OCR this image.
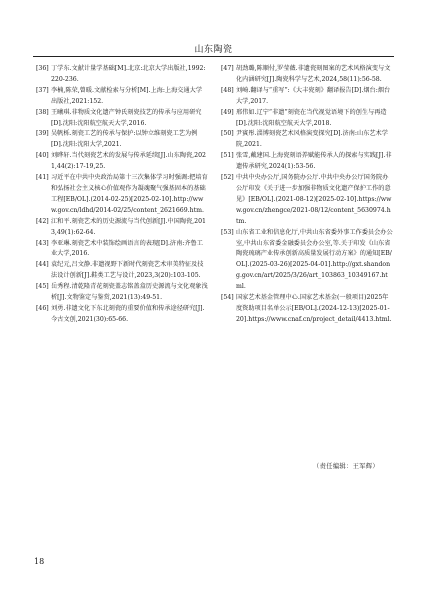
山东陶瓷
[36] 丁学东.文献计量学基础[M].北京:北京大学出版社,1992:220-236.
[37] 李楠,陈荣,曾暖.文献检索与分析[M].上海:上海交通大学出版社,2021:152.
[38] 王曦琪.非物质文化遗产钟氏刻瓷技艺的传承与应用研究[D].沈阳:沈阳航空航天大学,2016.
[39] 吴帆栎.刻瓷工艺的传承与保护:以钟立维刻瓷工艺为例[D].沈阳:沈阳大学,2021.
[40] 刘晔轩.当代刻瓷艺术的发展与传承延续[J].山东陶瓷,2021,44(2):17-19,25.
[41] 习近平在中共中央政治局第十三次集体学习时强调:把培育和弘扬社会主义核心价值观作为凝魂聚气强基固本的基础工程[EB/OL].(2014-02-25)[2025-02-10].http://www.gov.cn/ldhd/2014-02/25/content_2621669.htm.
[42] 江和平.刻瓷艺术的历史源流与当代创新[J].中国陶瓷,2013,49(1):62-64.
[43] 李亚琳.刻瓷艺术中装饰绘画语言的表现[D].济南:齐鲁工业大学,2016.
[44] 袁纪元,吕文静.非遗视野下新时代刻瓷艺术审美特征及技法设计创新[J].鞋类工艺与设计,2023,3(20):103-105.
[45] 岳秀程.清乾隆青花刻瓷盖志铭盖盒历史源流与文化观象浅析[J].文物鉴定与鉴赏,2021(13):49-51.
[46] 刘勇.非遗文化下东北刻瓷的重要价值和传承途径研究[J].今古文创,2021(30):65-66.
[47] 胡劲璐,陈顺付,罗莹薇.非遗瓷刻图案的艺术风格演变与文化内涵研究[J].陶瓷科学与艺术,2024,58(11):56-58.
[48] 刘崎.翻译与“重写”:《大丰瓷刻》翻译报告[D].烟台:烟台大学,2017.
[49] 邢伟如.辽宁“非遗”刻瓷在当代视觉语境下的创生与再造[D].沈阳:沈阳航空航天大学,2018.
[50] 尹賓彤.淄博刻瓷艺术风格演变探究[D].济南:山东艺术学院,2021.
[51] 张雪,戴建国.上海瓷刻语养赋能传承人的探索与实践[J].非遗传承研究,2024(1):53-56.
[52] 中共中央办公厅,国务院办公厅.中共中央办公厅国务院办公厅印发《关于进一步加强非物质文化遗产保护工作的意见》[EB/OL].(2021-08-12)[2025-02-10].https://www.gov.cn/zhengce/2021-08/12/content_5630974.htm.
[53] 山东省工业和信息化厅,中共山东省委外事工作委员会办公室,中共山东省委金融委员会办公室,等.关于印发《山东省陶瓷琉璃产业传承创新高质量发展行动方案》的通知[EB/OL].(2025-03-26)[2025-04-01].http://gxt.shandong.gov.cn/art/2025/3/26/art_103863_10349167.html.
[54] 国家艺术基金管理中心.国家艺术基金(一般项目)2025年度资助项目名单公示[EB/OL].(2024-12-13)[2025-01-20].https://www.cnaf.cn/project_detail/4413.html.
（责任编辑：王军辉）
18
